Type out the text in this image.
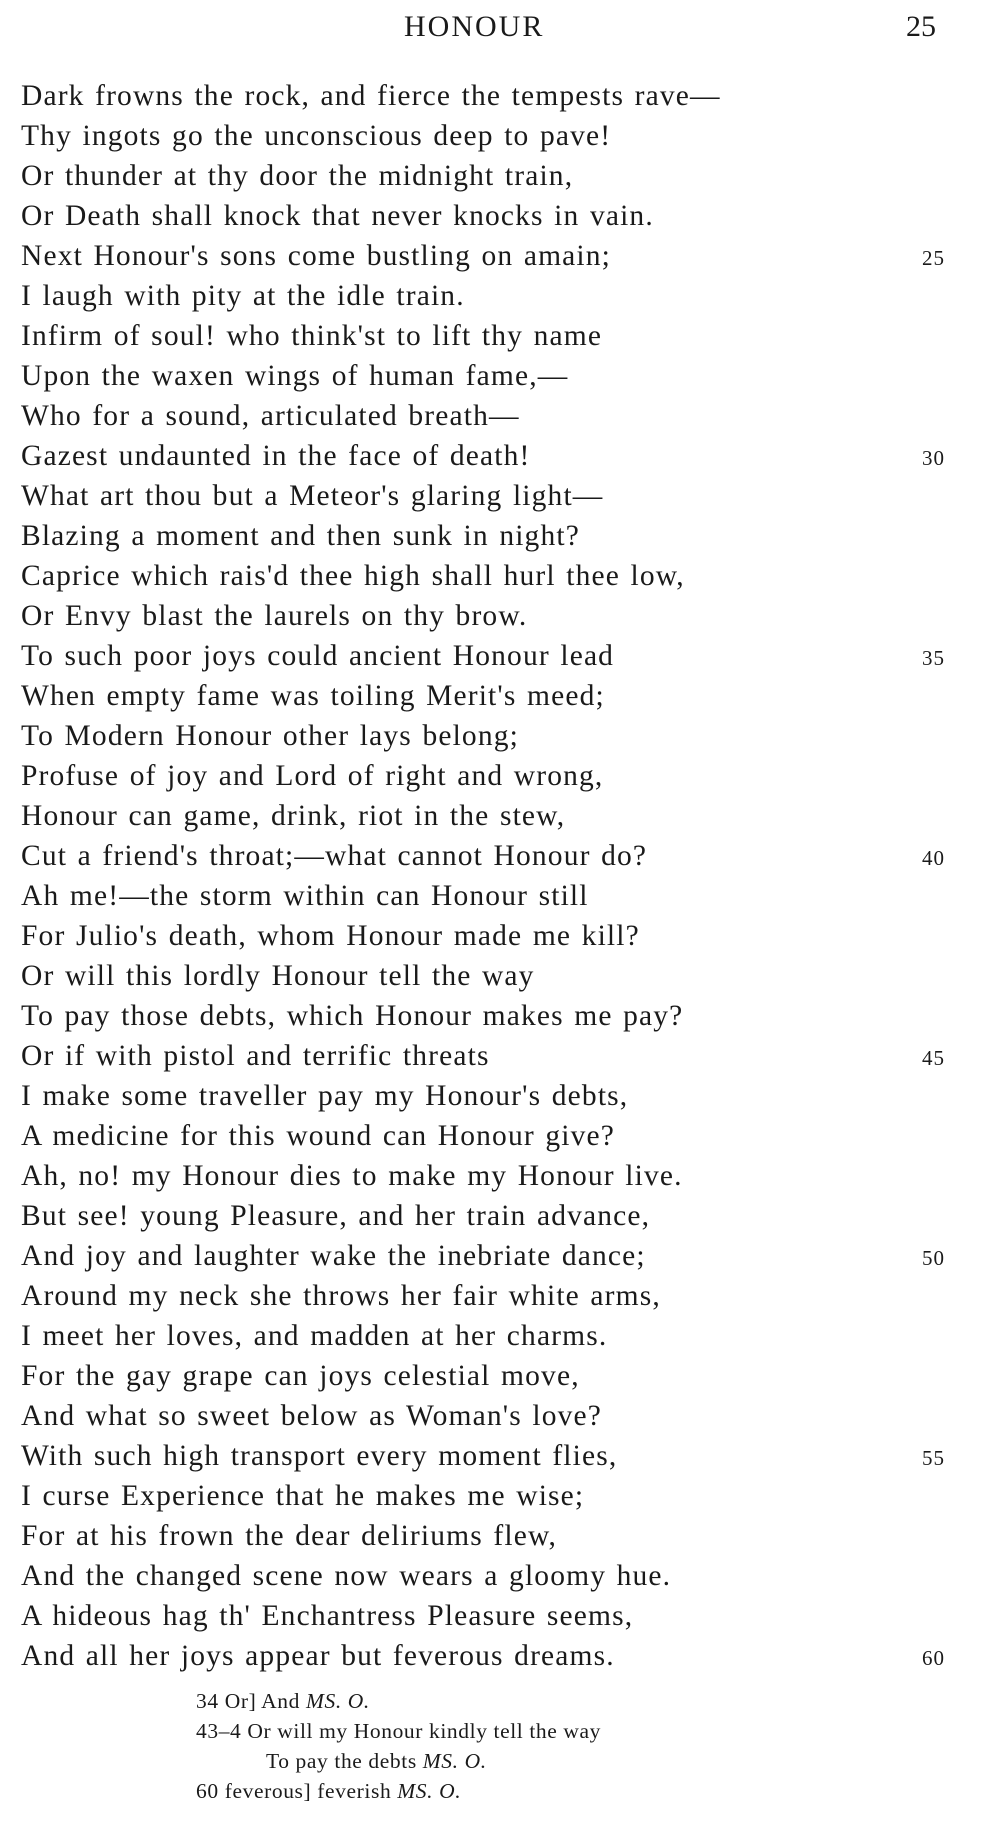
HONOUR	25
Dark frowns the rock, and fierce the tempests rave—
Thy ingots go the unconscious deep to pave!
Or thunder at thy door the midnight train,
Or Death shall knock that never knocks in vain.
Next Honour's sons come bustling on amain;	25
I laugh with pity at the idle train.
Infirm of soul! who think'st to lift thy name
Upon the waxen wings of human fame,—
Who for a sound, articulated breath—
Gazest undaunted in the face of death!	30
What art thou but a Meteor's glaring light—
Blazing a moment and then sunk in night?
Caprice which rais'd thee high shall hurl thee low,
Or Envy blast the laurels on thy brow.
To such poor joys could ancient Honour lead	35
When empty fame was toiling Merit's meed;
To Modern Honour other lays belong;
Profuse of joy and Lord of right and wrong,
Honour can game, drink, riot in the stew,
Cut a friend's throat;—what cannot Honour do?	40
Ah me!—the storm within can Honour still
For Julio's death, whom Honour made me kill?
Or will this lordly Honour tell the way
To pay those debts, which Honour makes me pay?
Or if with pistol and terrific threats	45
I make some traveller pay my Honour's debts,
A medicine for this wound can Honour give?
Ah, no! my Honour dies to make my Honour live.
But see! young Pleasure, and her train advance,
And joy and laughter wake the inebriate dance;	50
Around my neck she throws her fair white arms,
I meet her loves, and madden at her charms.
For the gay grape can joys celestial move,
And what so sweet below as Woman's love?
With such high transport every moment flies,	55
I curse Experience that he makes me wise;
For at his frown the dear deliriums flew,
And the changed scene now wears a gloomy hue.
A hideous hag th' Enchantress Pleasure seems,
And all her joys appear but feverous dreams.	60
34 Or] And MS. O.
43–4 Or will my Honour kindly tell the way
To pay the debts MS. O.
60 feverous] feverish MS. O.
